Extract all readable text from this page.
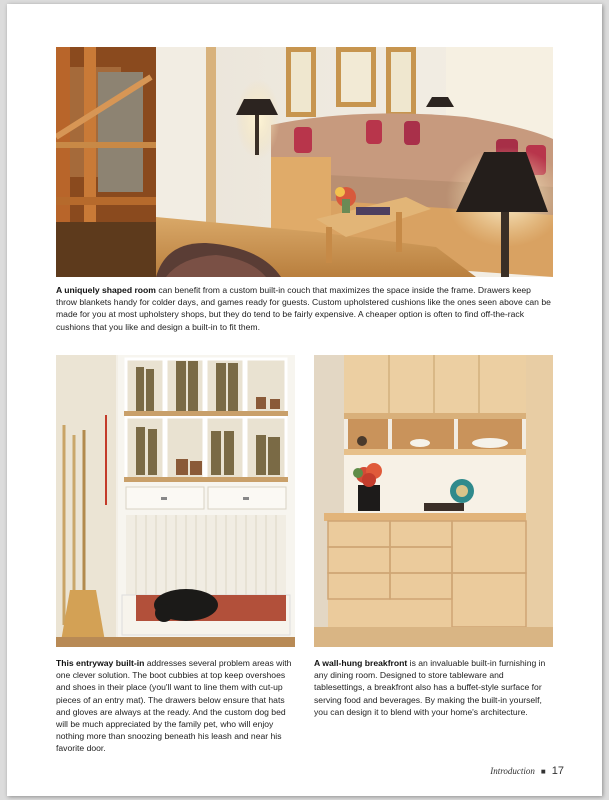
A uniquely shaped room can benefit from a custom built-in couch that maximizes the space inside the frame. Drawers keep throw blankets handy for colder days, and games ready for guests. Custom upholstered cushions like the ones seen above can be made for you at most upholstery shops, but they do tend to be fairly expensive. A cheaper option is often to find off-the-rack cushions that you like and design a built-in to fit them.

This entryway built-in addresses several problem areas with one clever solution. The boot cubbies at top keep overshoes and shoes in their place (you'll want to line them with cut-up pieces of an entry mat). The drawers below ensure that hats and gloves are always at the ready. And the custom dog bed will be much appreciated by the family pet, who will enjoy nothing more than snoozing beneath his leash and near his favorite door.

A wall-hung breakfront is an invaluable built-in furnishing in any dining room. Designed to store tableware and tablesettings, a breakfront also has a buffet-style surface for serving food and beverages. By making the built-in yourself, you can design it to blend with your home's architecture.

Introduction ■ 17
